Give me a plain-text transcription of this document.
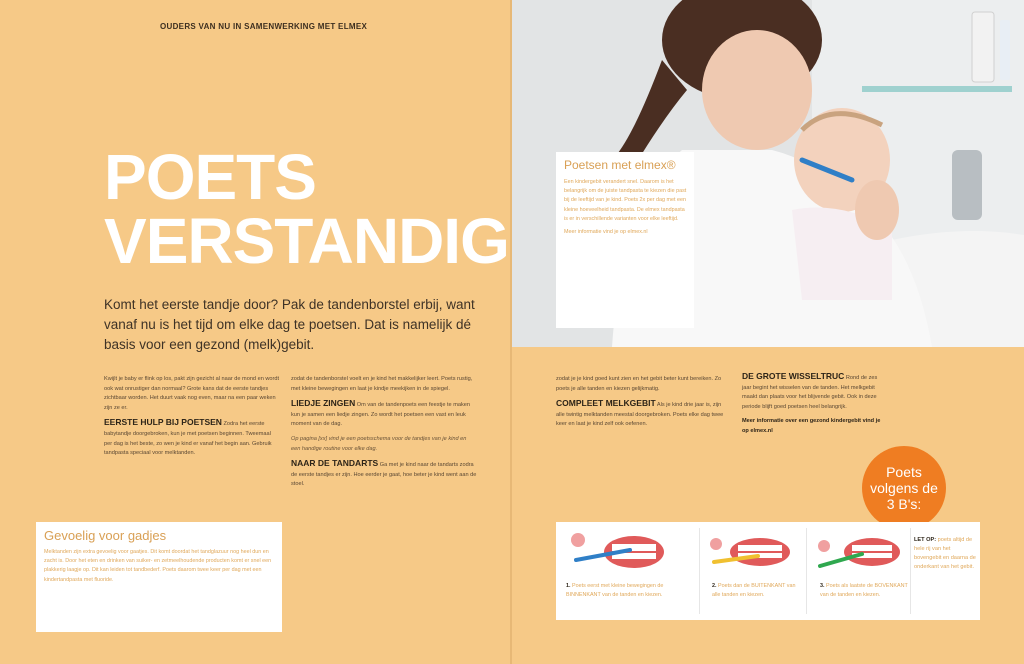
OUDERS VAN NU IN SAMENWERKING MET ELMEX
POETS
VERSTANDIG
Komt het eerste tandje door? Pak de tandenborstel erbij, want vanaf nu is het tijd om elke dag te poetsen. Dat is namelijk dé basis voor een gezond (melk)gebit.

Kwijlt je baby er flink op los, pakt zijn gezicht al naar de mond en wordt ook wat onrustiger dan normaal? Grote kans dat de eerste tandjes zichtbaar worden. Het duurt vaak nog even, maar na een paar weken zijn ze er.

EERSTE HULP BIJ POETSEN Zodra het eerste babytandje doorgebroken, kun je met poetsen beginnen. Tweemaal per dag is het beste, zo wen je kind er vanaf het begin aan. Gebruik tandpasta speciaal voor melktanden.

zodat de tandenborstel voelt en je kind het makkelijker leert. Poets rustig, met kleine bewegingen en laat je kindje meekijken in de spiegel.

LIEDJE ZINGEN Om van de tandenpoets een feestje te maken kun je samen een liedje zingen. Zo wordt het poetsen een vast en leuk moment van de dag.

Op pagina [xx] vind je een poetsschema voor de tandjes van je kind en een handige routine voor elke dag.

NAAR DE TANDARTS Ga met je kind naar de tandarts zodra de eerste tandjes er zijn. Hoe eerder je gaat, hoe beter je kind went aan de stoel.
Gevoelig voor gadjes
Melktanden zijn extra gevoelig voor gaatjes. Dit komt doordat het tandglazuur nog heel dun en zacht is. Door het eten en drinken van suiker- en zetmeelhoudende producten komt er snel een plakkerig laagje op. Dit kan leiden tot tandbederf. Poets daarom twee keer per dag met een kindertandpasta met fluoride.
Poetsen met elmex®
Een kindergebit verandert snel. Daarom is het belangrijk om de juiste tandpasta te kiezen die past bij de leeftijd van je kind. Poets 2x per dag met een kleine hoeveelheid tandpasta. De elmex tandpasta is er in verschillende varianten voor elke leeftijd.
Meer informatie vind je op elmex.nl

zodat je je kind goed kunt zien en het gebit beter kunt bereiken. Zo poets je alle tanden en kiezen gelijkmatig.

COMPLEET MELKGEBIT Als je kind drie jaar is, zijn alle twintig melktanden meestal doorgebroken. Poets elke dag twee keer en laat je kind zelf ook oefenen.
DE GROTE WISSELTRUC Rond de zes jaar begint het wisselen van de tanden. Het melkgebit maakt dan plaats voor het blijvende gebit. Ook in deze periode blijft goed poetsen heel belangrijk.

Meer informatie over een gezond kindergebit vind je op elmex.nl

Poets
volgens de
3 B's:
1. Poets eerst met kleine bewegingen de BINNENKANT van de tanden en kiezen.
2. Poets dan de BUITENKANT van alle tanden en kiezen.
3. Poets als laatste de BOVENKANT van de tanden en kiezen.
LET OP: poets altijd de hele rij van het bovengebit en daarna de onderkant van het gebit.
